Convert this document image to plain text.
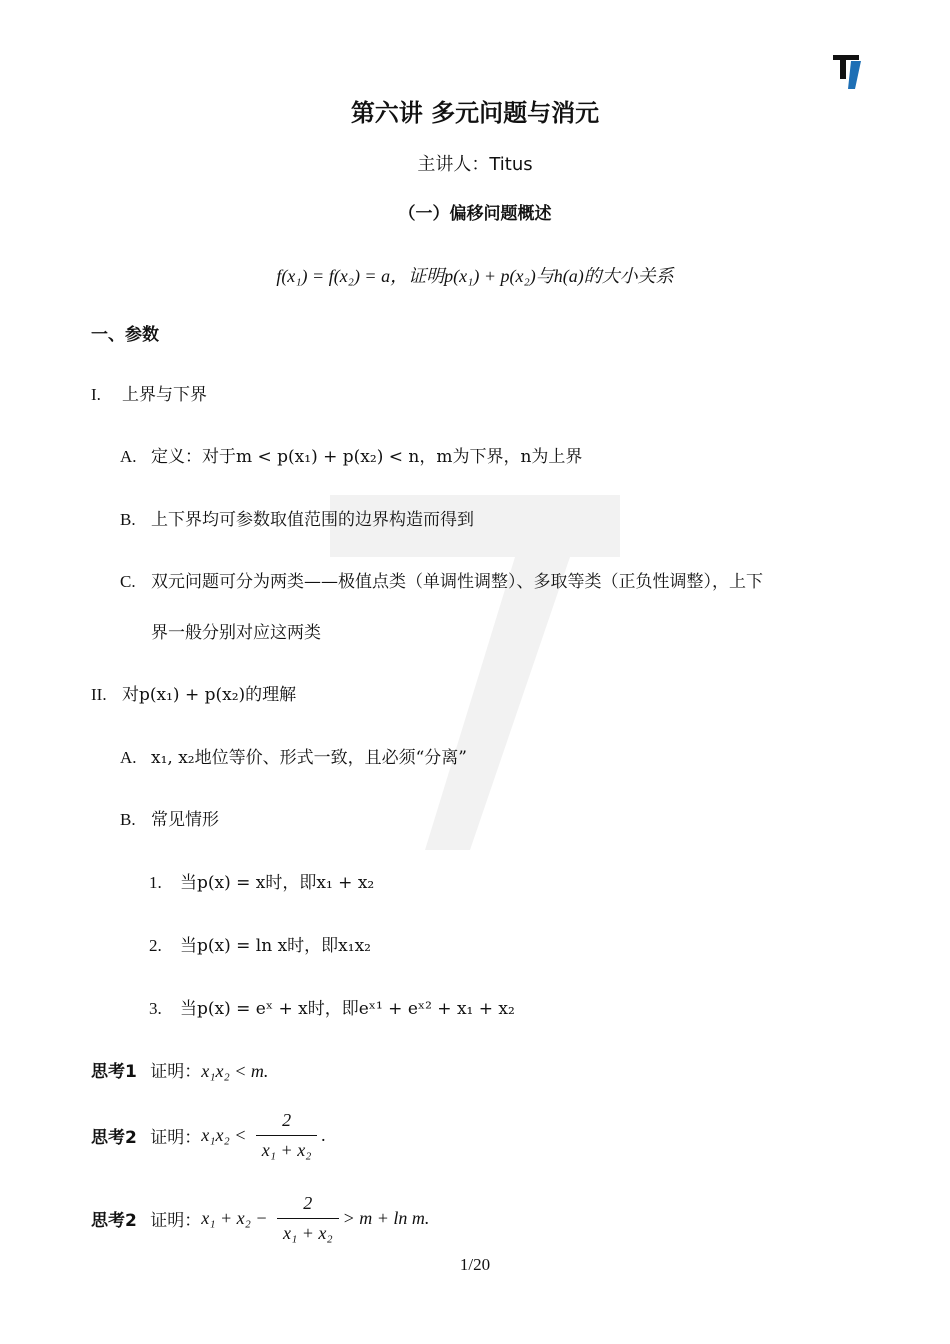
第六讲 多元问题与消元
主讲人：Titus
（一）偏移问题概述
f(x₁) = f(x₂) = a，证明p(x₁) + p(x₂)与h(a)的大小关系
一、参数
I. 上界与下界
A. 定义：对于m < p(x₁) + p(x₂) < n，m为下界，n为上界
B. 上下界均可参数取值范围的边界构造而得到
C. 双元问题可分为两类——极值点类（单调性调整）、多取等类（正负性调整），上下
界一般分别对应这两类
II. 对p(x₁) + p(x₂)的理解
A. x₁, x₂地位等价、形式一致，且必须“分离”
B. 常见情形
1. 当p(x) = x时，即x₁ + x₂
2. 当p(x) = ln x时，即x₁x₂
3. 当p(x) = eˣ + x时，即eˣ¹ + eˣ² + x₁ + x₂
思考1 证明：x₁x₂ < m.
思考2 证明：$x_1x_2 < \frac{2}{\text{x₁ + x₂}}$ .
思考2 证明：$x_1 + x_2 - \frac{2}{\text{x₁ + x₂}} > m + \ln m$.
1/20
